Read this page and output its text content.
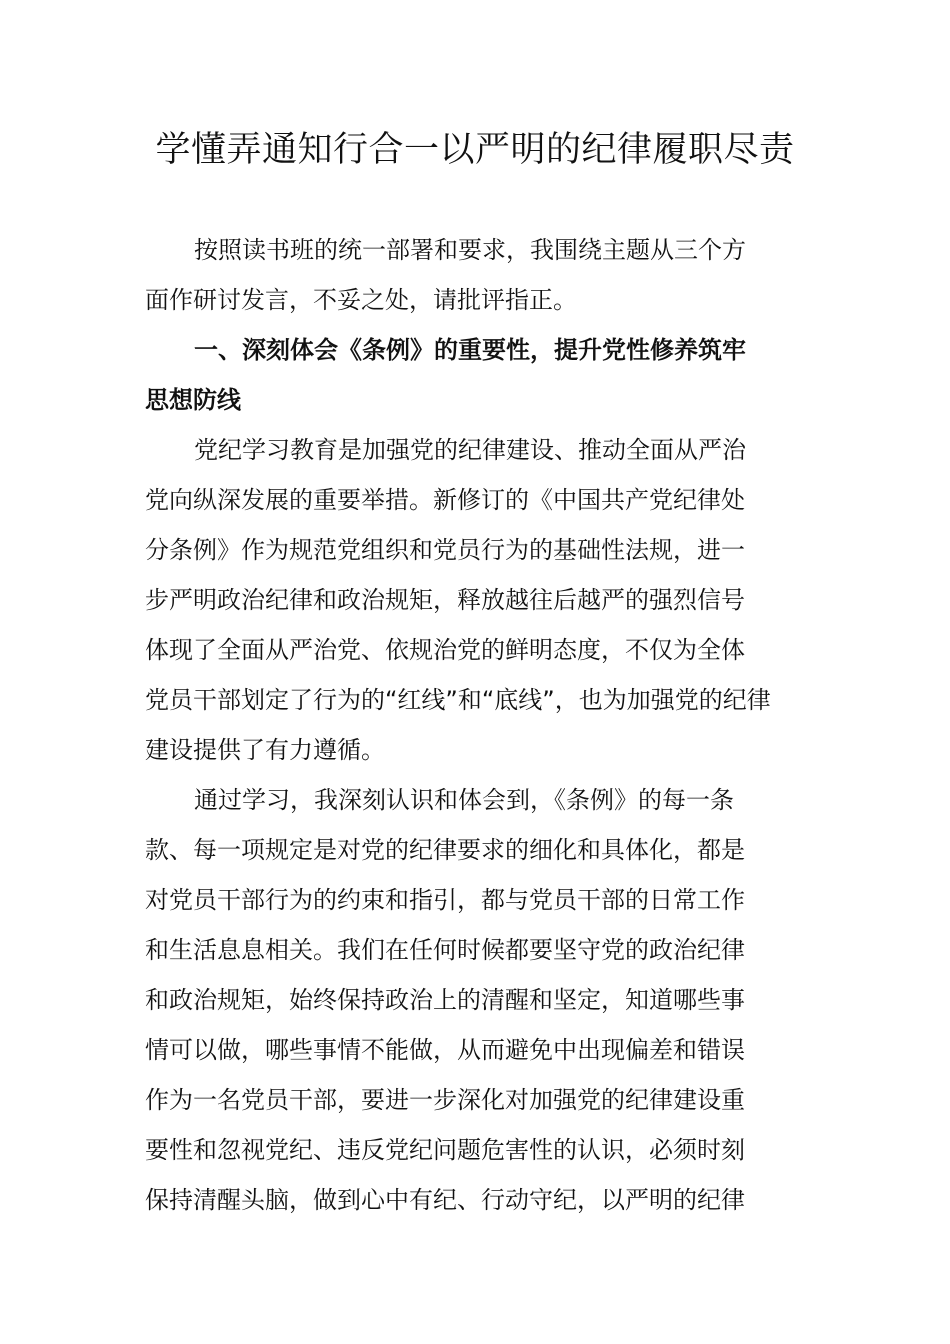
学懂弄通知行合一以严明的纪律履职尽责
按照读书班的统一部署和要求，我围绕主题从三个方
面作研讨发言，不妥之处，请批评指正。
一、深刻体会《条例》的重要性，提升党性修养筑牢
思想防线
党纪学习教育是加强党的纪律建设、推动全面从严治
党向纵深发展的重要举措。新修订的《中国共产党纪律处
分条例》作为规范党组织和党员行为的基础性法规，进一
步严明政治纪律和政治规矩，释放越往后越严的强烈信号
体现了全面从严治党、依规治党的鲜明态度，不仅为全体
党员干部划定了行为的“红线”和“底线”，也为加强党的纪律
建设提供了有力遵循。
通过学习，我深刻认识和体会到，《条例》的每一条
款、每一项规定是对党的纪律要求的细化和具体化，都是
对党员干部行为的约束和指引，都与党员干部的日常工作
和生活息息相关。我们在任何时候都要坚守党的政治纪律
和政治规矩，始终保持政治上的清醒和坚定，知道哪些事
情可以做，哪些事情不能做，从而避免中出现偏差和错误
作为一名党员干部，要进一步深化对加强党的纪律建设重
要性和忽视党纪、违反党纪问题危害性的认识，必须时刻
保持清醒头脑，做到心中有纪、行动守纪，以严明的纪律
